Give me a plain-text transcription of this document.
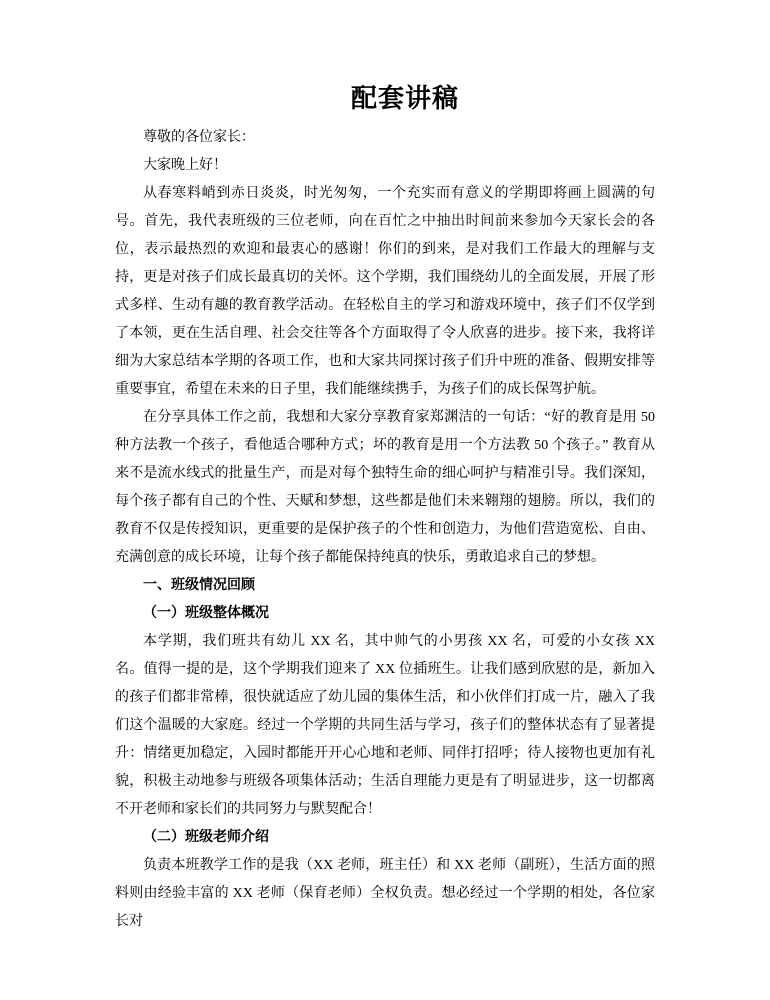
配套讲稿

尊敬的各位家长：

大家晚上好！

从春寒料峭到赤日炎炎，时光匆匆，一个充实而有意义的学期即将画上圆满的句号。首先，我代表班级的三位老师，向在百忙之中抽出时间前来参加今天家长会的各位，表示最热烈的欢迎和最衷心的感谢！你们的到来，是对我们工作最大的理解与支持，更是对孩子们成长最真切的关怀。这个学期，我们围绕幼儿的全面发展，开展了形式多样、生动有趣的教育教学活动。在轻松自主的学习和游戏环境中，孩子们不仅学到了本领，更在生活自理、社会交往等各个方面取得了令人欣喜的进步。接下来，我将详细为大家总结本学期的各项工作，也和大家共同探讨孩子们升中班的准备、假期安排等重要事宜，希望在未来的日子里，我们能继续携手，为孩子们的成长保驾护航。

在分享具体工作之前，我想和大家分享教育家郑渊洁的一句话：“好的教育是用 50 种方法教一个孩子，看他适合哪种方式；坏的教育是用一个方法教 50 个孩子。” 教育从来不是流水线式的批量生产，而是对每个独特生命的细心呵护与精准引导。我们深知，每个孩子都有自己的个性、天赋和梦想，这些都是他们未来翱翔的翅膀。所以，我们的教育不仅是传授知识，更重要的是保护孩子的个性和创造力，为他们营造宽松、自由、充满创意的成长环境，让每个孩子都能保持纯真的快乐，勇敢追求自己的梦想。

一、班级情况回顾

（一）班级整体概况

本学期，我们班共有幼儿 XX 名，其中帅气的小男孩 XX 名，可爱的小女孩 XX 名。值得一提的是，这个学期我们迎来了 XX 位插班生。让我们感到欣慰的是，新加入的孩子们都非常棒，很快就适应了幼儿园的集体生活，和小伙伴们打成一片，融入了我们这个温暖的大家庭。经过一个学期的共同生活与学习，孩子们的整体状态有了显著提升：情绪更加稳定，入园时都能开开心心地和老师、同伴打招呼；待人接物也更加有礼貌，积极主动地参与班级各项集体活动；生活自理能力更是有了明显进步，这一切都离不开老师和家长们的共同努力与默契配合！

（二）班级老师介绍

负责本班教学工作的是我（XX 老师，班主任）和 XX 老师（副班），生活方面的照料则由经验丰富的 XX 老师（保育老师）全权负责。想必经过一个学期的相处，各位家长对
